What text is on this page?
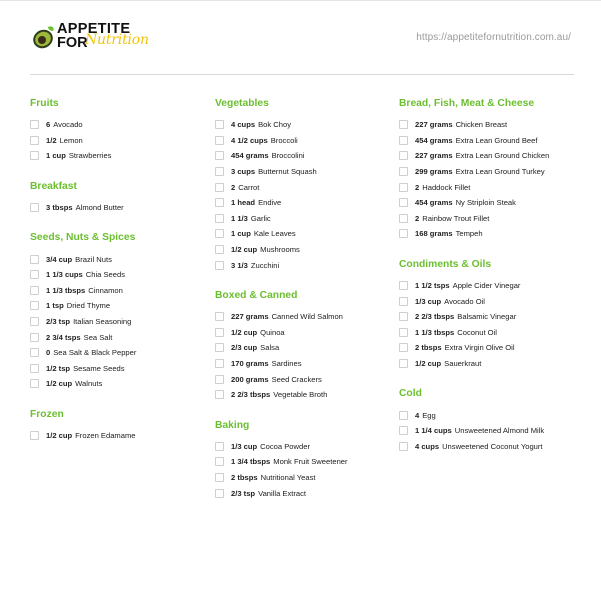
APPETITE
FOR
Nutrition	https://appetitefornutrition.com.au/
Fruits
6 Avocado
1/2 Lemon
1 cup Strawberries
Breakfast
3 tbsps Almond Butter
Seeds, Nuts & Spices
3/4 cup Brazil Nuts
1 1/3 cups Chia Seeds
1 1/3 tbsps Cinnamon
1 tsp Dried Thyme
2/3 tsp Italian Seasoning
2 3/4 tsps Sea Salt
0 Sea Salt & Black Pepper
1/2 tsp Sesame Seeds
1/2 cup Walnuts
Frozen
1/2 cup Frozen Edamame
Vegetables
4 cups Bok Choy
4 1/2 cups Broccoli
454 grams Broccolini
3 cups Butternut Squash
2 Carrot
1 head Endive
1 1/3 Garlic
1 cup Kale Leaves
1/2 cup Mushrooms
3 1/3 Zucchini
Boxed & Canned
227 grams Canned Wild Salmon
1/2 cup Quinoa
2/3 cup Salsa
170 grams Sardines
200 grams Seed Crackers
2 2/3 tbsps Vegetable Broth
Baking
1/3 cup Cocoa Powder
1 3/4 tbsps Monk Fruit Sweetener
2 tbsps Nutritional Yeast
2/3 tsp Vanilla Extract
Bread, Fish, Meat & Cheese
227 grams Chicken Breast
454 grams Extra Lean Ground Beef
227 grams Extra Lean Ground Chicken
299 grams Extra Lean Ground Turkey
2 Haddock Fillet
454 grams Ny Striploin Steak
2 Rainbow Trout Fillet
168 grams Tempeh
Condiments & Oils
1 1/2 tsps Apple Cider Vinegar
1/3 cup Avocado Oil
2 2/3 tbsps Balsamic Vinegar
1 1/3 tbsps Coconut Oil
2 tbsps Extra Virgin Olive Oil
1/2 cup Sauerkraut
Cold
4 Egg
1 1/4 cups Unsweetened Almond Milk
4 cups Unsweetened Coconut Yogurt
